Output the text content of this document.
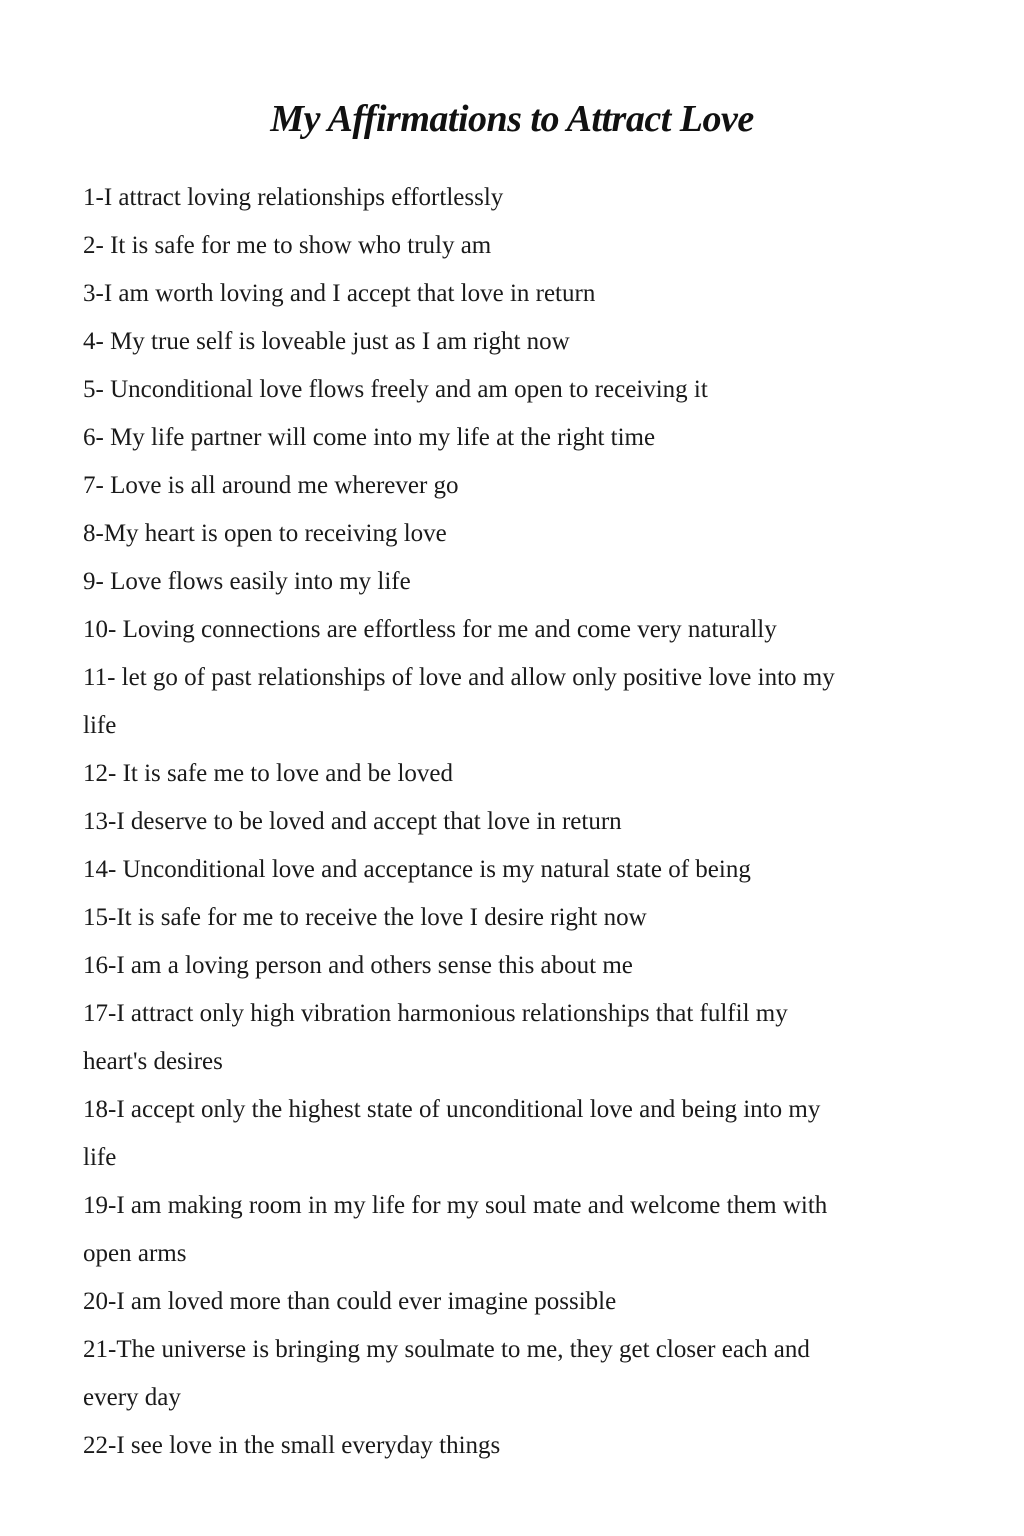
My Affirmations to Attract Love
1-I attract loving relationships effortlessly
2- It is safe for me to show who truly am
3-I am worth loving and I accept that love in return
4- My true self is loveable just as I am right now
5- Unconditional love flows freely and am open to receiving it
6- My life partner will come into my life at the right time
7- Love is all around me wherever go
8-My heart is open to receiving love
9- Love flows easily into my life
10- Loving connections are effortless for me and come very naturally
11- let go of past relationships of love and allow only positive love into my
life
12- It is safe me to love and be loved
13-I deserve to be loved and accept that love in return
14- Unconditional love and acceptance is my natural state of being
15-It is safe for me to receive the love I desire right now
16-I am a loving person and others sense this about me
17-I attract only high vibration harmonious relationships that fulfil my
heart's desires
18-I accept only the highest state of unconditional love and being into my
life
19-I am making room in my life for my soul mate and welcome them with
open arms
20-I am loved more than could ever imagine possible
21-The universe is bringing my soulmate to me, they get closer each and
every day
22-I see love in the small everyday things
